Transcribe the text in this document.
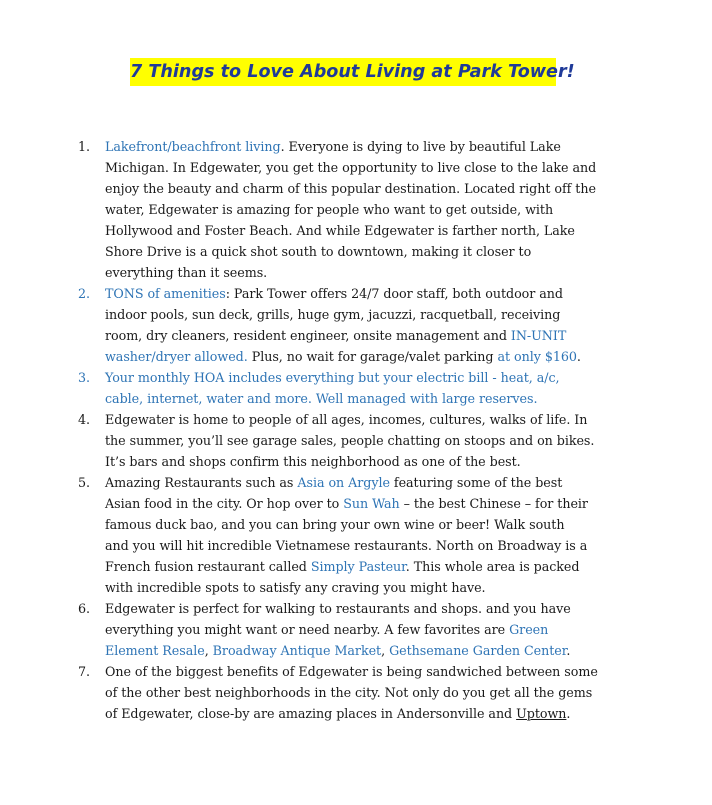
7 Things to Love About Living at Park Tower!
1. Lakefront/beachfront living. Everyone is dying to live by beautiful Lake
Michigan. In Edgewater, you get the opportunity to live close to the lake and
enjoy the beauty and charm of this popular destination. Located right off the
water, Edgewater is amazing for people who want to get outside, with
Hollywood and Foster Beach. And while Edgewater is farther north, Lake
Shore Drive is a quick shot south to downtown, making it closer to
everything than it seems.
2. TONS of amenities: Park Tower offers 24/7 door staff, both outdoor and
indoor pools, sun deck, grills, huge gym, jacuzzi, racquetball, receiving
room, dry cleaners, resident engineer, onsite management and IN-UNIT
washer/dryer allowed. Plus, no wait for garage/valet parking at only $160.
3. Your monthly HOA includes everything but your electric bill - heat, a/c,
cable, internet, water and more. Well managed with large reserves.
4. Edgewater is home to people of all ages, incomes, cultures, walks of life. In
the summer, you’ll see garage sales, people chatting on stoops and on bikes.
It’s bars and shops confirm this neighborhood as one of the best.
5. Amazing Restaurants such as Asia on Argyle featuring some of the best
Asian food in the city. Or hop over to Sun Wah – the best Chinese – for their
famous duck bao, and you can bring your own wine or beer! Walk south
and you will hit incredible Vietnamese restaurants. North on Broadway is a
French fusion restaurant called Simply Pasteur. This whole area is packed
with incredible spots to satisfy any craving you might have.
6. Edgewater is perfect for walking to restaurants and shops. and you have
everything you might want or need nearby. A few favorites are Green
Element Resale, Broadway Antique Market, Gethsemane Garden Center.
7. One of the biggest benefits of Edgewater is being sandwiched between some
of the other best neighborhoods in the city. Not only do you get all the gems
of Edgewater, close-by are amazing places in Andersonville and Uptown.
